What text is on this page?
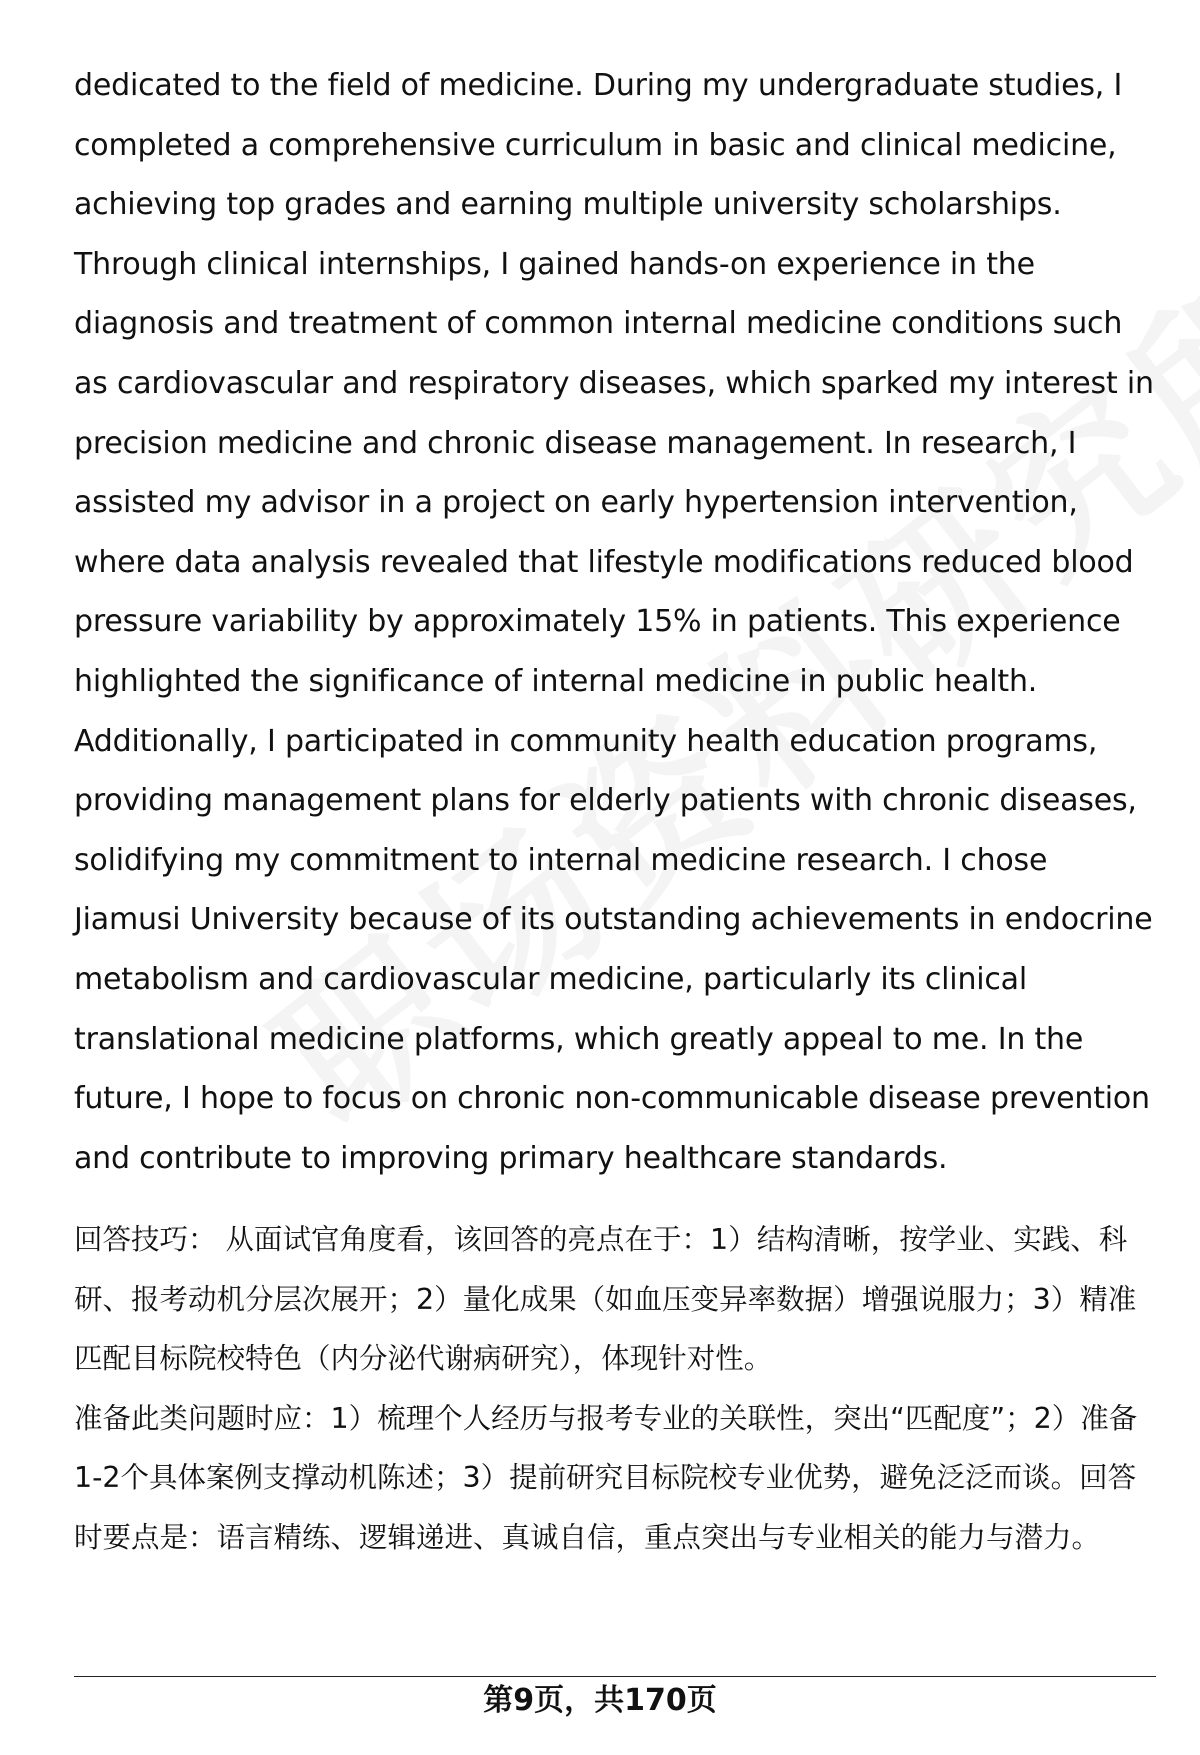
dedicated to the field of medicine. During my undergraduate studies, I completed a comprehensive curriculum in basic and clinical medicine, achieving top grades and earning multiple university scholarships. Through clinical internships, I gained hands-on experience in the diagnosis and treatment of common internal medicine conditions such as cardiovascular and respiratory diseases, which sparked my interest in precision medicine and chronic disease management. In research, I assisted my advisor in a project on early hypertension intervention, where data analysis revealed that lifestyle modifications reduced blood pressure variability by approximately 15% in patients. This experience highlighted the significance of internal medicine in public health. Additionally, I participated in community health education programs, providing management plans for elderly patients with chronic diseases, solidifying my commitment to internal medicine research. I chose Jiamusi University because of its outstanding achievements in endocrine metabolism and cardiovascular medicine, particularly its clinical translational medicine platforms, which greatly appeal to me. In the future, I hope to focus on chronic non-communicable disease prevention and contribute to improving primary healthcare standards.

回答技巧： 从面试官角度看，该回答的亮点在于：1）结构清晰，按学业、实践、科研、报考动机分层次展开；2）量化成果（如血压变异率数据）增强说服力；3）精准匹配目标院校特色（内分泌代谢病研究），体现针对性。

准备此类问题时应：1）梳理个人经历与报考专业的关联性，突出“匹配度”；2）准备1-2个具体案例支撑动机陈述；3）提前研究目标院校专业优势，避免泛泛而谈。回答时要点是：语言精练、逻辑递进、真诚自信，重点突出与专业相关的能力与潜力。

第9页，共170页
